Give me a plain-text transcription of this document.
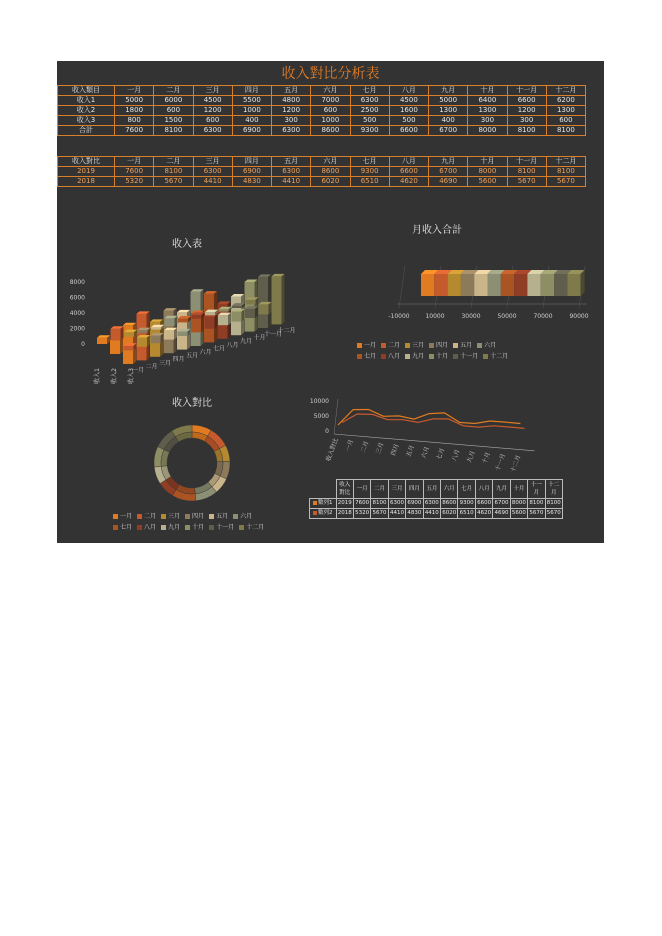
收入對比分析表
收入類目	一月	二月	三月	四月	五月	六月	七月	八月	九月	十月	十一月	十二月
收入1	5000	6000	4500	5500	4800	7000	6300	4500	5000	6400	6600	6200
收入2	1800	600	1200	1000	1200	600	2500	1600	1300	1300	1200	1300
收入3	800	1500	600	400	300	1000	500	500	400	300	300	600
合計	7600	8100	6300	6900	6300	8600	9300	6600	6700	8000	8100	8100
收入對比	一月	二月	三月	四月	五月	六月	七月	八月	九月	十月	十一月	十二月
2019	7600	8100	6300	6900	6300	8600	9300	6600	6700	8000	8100	8100
2018	5320	5670	4410	4830	4410	6020	6510	4620	4690	5600	5670	5670
收入表
8000
6000
4000
2000
0
一月
二月
三月
四月
五月
六月
七月
八月
九月
十月
十一月
十二月
收入1 收入2 收入3
月收入合計
-10000	10000	30000	50000	70000	90000
一月 二月 三月 四月 五月 六月
七月 八月 九月 十月 十一月 十二月
收入對比
一月 二月 三月 四月 五月 六月
七月 八月 九月 十月 十一月 十二月
10000
5000
0
收入對比 一月 二月 三月 四月 五月 六月 七月 八月 九月 十月 十一月 十二月
	收入對比	一月	二月	三月	四月	五月	六月	七月	八月	九月	十月	十一月	十二月
數列1	2019	7600	8100	6300	6900	6300	8600	9300	6600	6700	8000	8100	8100
數列2	2018	5320	5670	4410	4830	4410	6020	6510	4620	4690	5600	5670	5670
